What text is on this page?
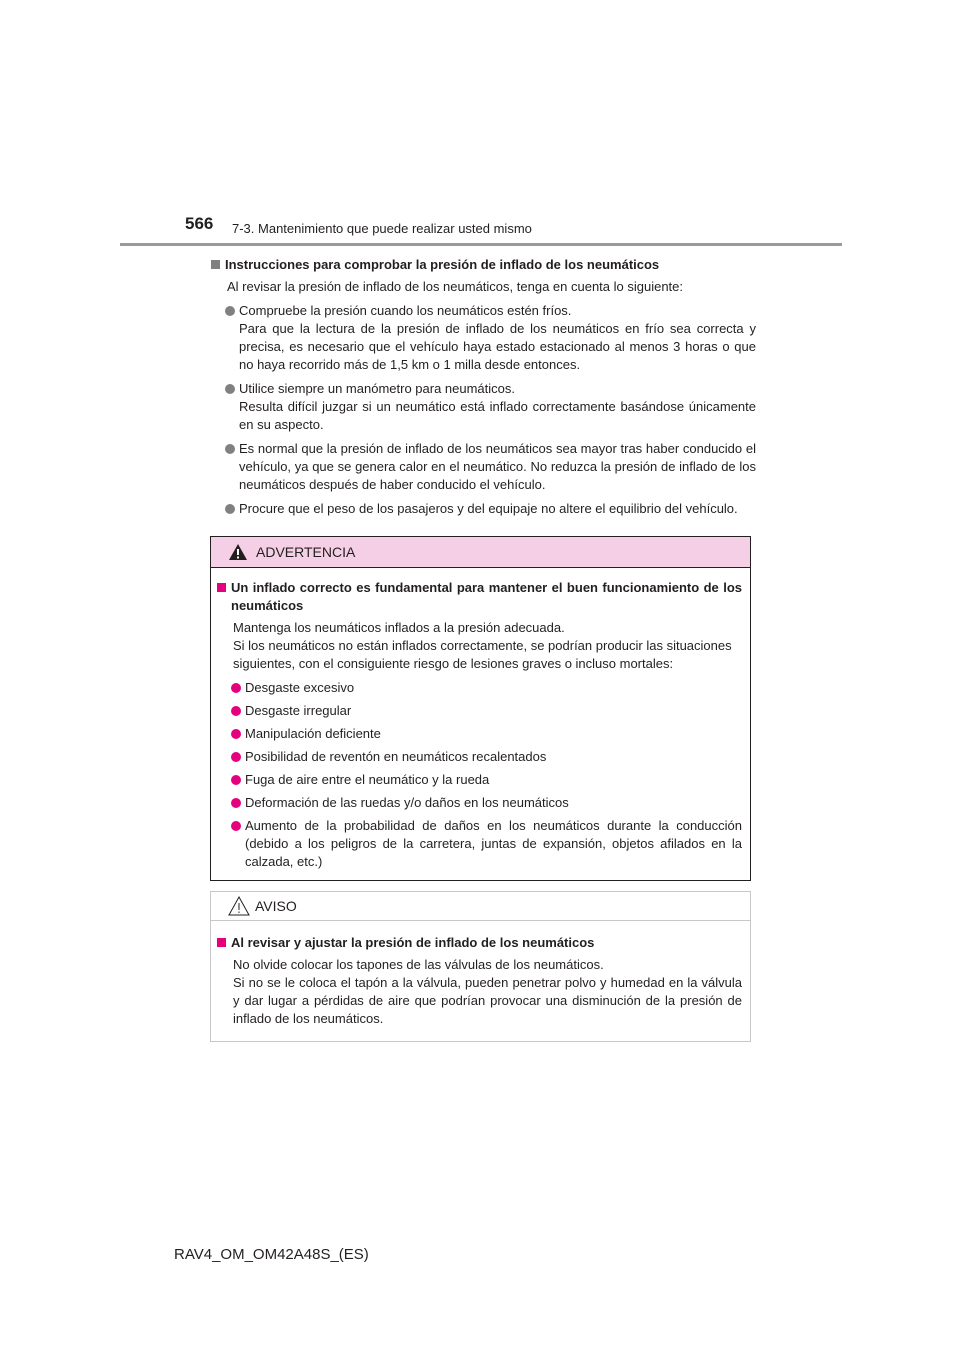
566 7-3. Mantenimiento que puede realizar usted mismo
Instrucciones para comprobar la presión de inflado de los neumáticos
Al revisar la presión de inflado de los neumáticos, tenga en cuenta lo siguiente:
Compruebe la presión cuando los neumáticos estén fríos.
Para que la lectura de la presión de inflado de los neumáticos en frío sea correcta y precisa, es necesario que el vehículo haya estado estacionado al menos 3 horas o que no haya recorrido más de 1,5 km o 1 milla desde entonces.
Utilice siempre un manómetro para neumáticos.
Resulta difícil juzgar si un neumático está inflado correctamente basándose únicamente en su aspecto.
Es normal que la presión de inflado de los neumáticos sea mayor tras haber conducido el vehículo, ya que se genera calor en el neumático. No reduzca la presión de inflado de los neumáticos después de haber conducido el vehículo.
Procure que el peso de los pasajeros y del equipaje no altere el equilibrio del vehículo.
ADVERTENCIA
Un inflado correcto es fundamental para mantener el buen funcionamiento de los neumáticos
Mantenga los neumáticos inflados a la presión adecuada.
Si los neumáticos no están inflados correctamente, se podrían producir las situaciones siguientes, con el consiguiente riesgo de lesiones graves o incluso mortales:
Desgaste excesivo
Desgaste irregular
Manipulación deficiente
Posibilidad de reventón en neumáticos recalentados
Fuga de aire entre el neumático y la rueda
Deformación de las ruedas y/o daños en los neumáticos
Aumento de la probabilidad de daños en los neumáticos durante la conducción (debido a los peligros de la carretera, juntas de expansión, objetos afilados en la calzada, etc.)
AVISO
Al revisar y ajustar la presión de inflado de los neumáticos
No olvide colocar los tapones de las válvulas de los neumáticos.
Si no se le coloca el tapón a la válvula, pueden penetrar polvo y humedad en la válvula y dar lugar a pérdidas de aire que podrían provocar una disminución de la presión de inflado de los neumáticos.
RAV4_OM_OM42A48S_(ES)
